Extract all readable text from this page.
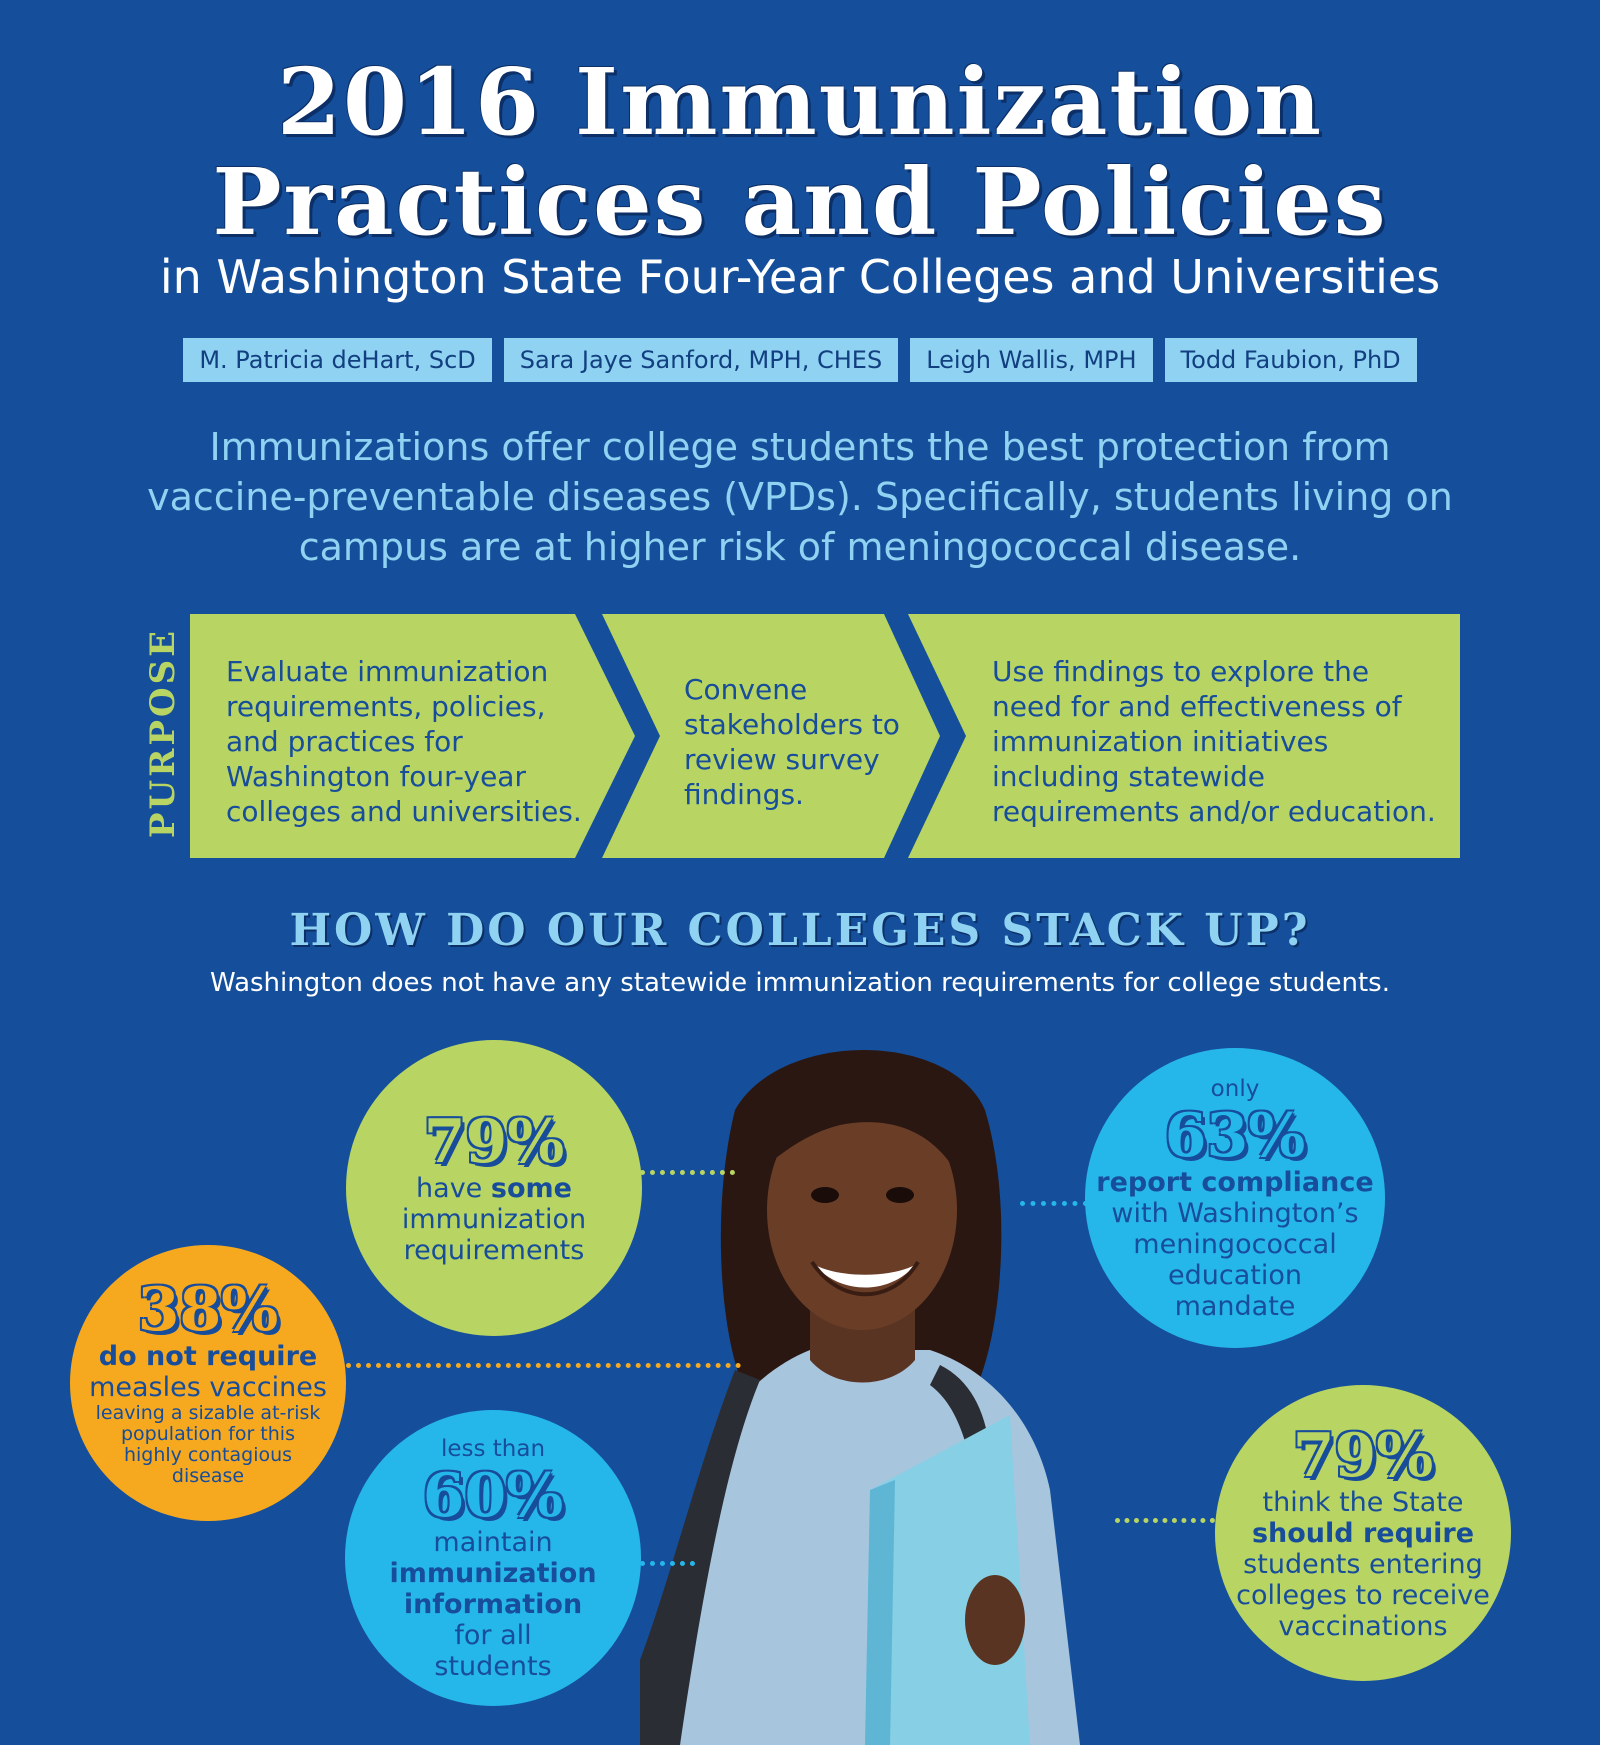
2016 Immunization
Practices and Policies
in Washington State Four-Year Colleges and Universities
M. Patricia deHart, ScD	Sara Jaye Sanford, MPH, CHES	Leigh Wallis, MPH	Todd Faubion, PhD
Immunizations offer college students the best protection from vaccine-preventable diseases (VPDs). Specifically, students living on campus are at higher risk of meningococcal disease.
PURPOSE Evaluate immunization requirements, policies, and practices for Washington four-year colleges and universities.
Convene stakeholders to review survey findings.
Use findings to explore the need for and effectiveness of immunization initiatives including statewide requirements and/or education.
HOW DO OUR COLLEGES STACK UP?
Washington does not have any statewide immunization requirements for college students.
79%
have some
immunization
requirements
only
63%
report compliance
with Washington’s
meningococcal
education
mandate
38%
do not require
measles vaccines
leaving a sizable at-risk
population for this
highly contagious
disease
less than
60%
maintain
immunization
information
for all
students
79%
think the State
should require
students entering
colleges to receive
vaccinations
